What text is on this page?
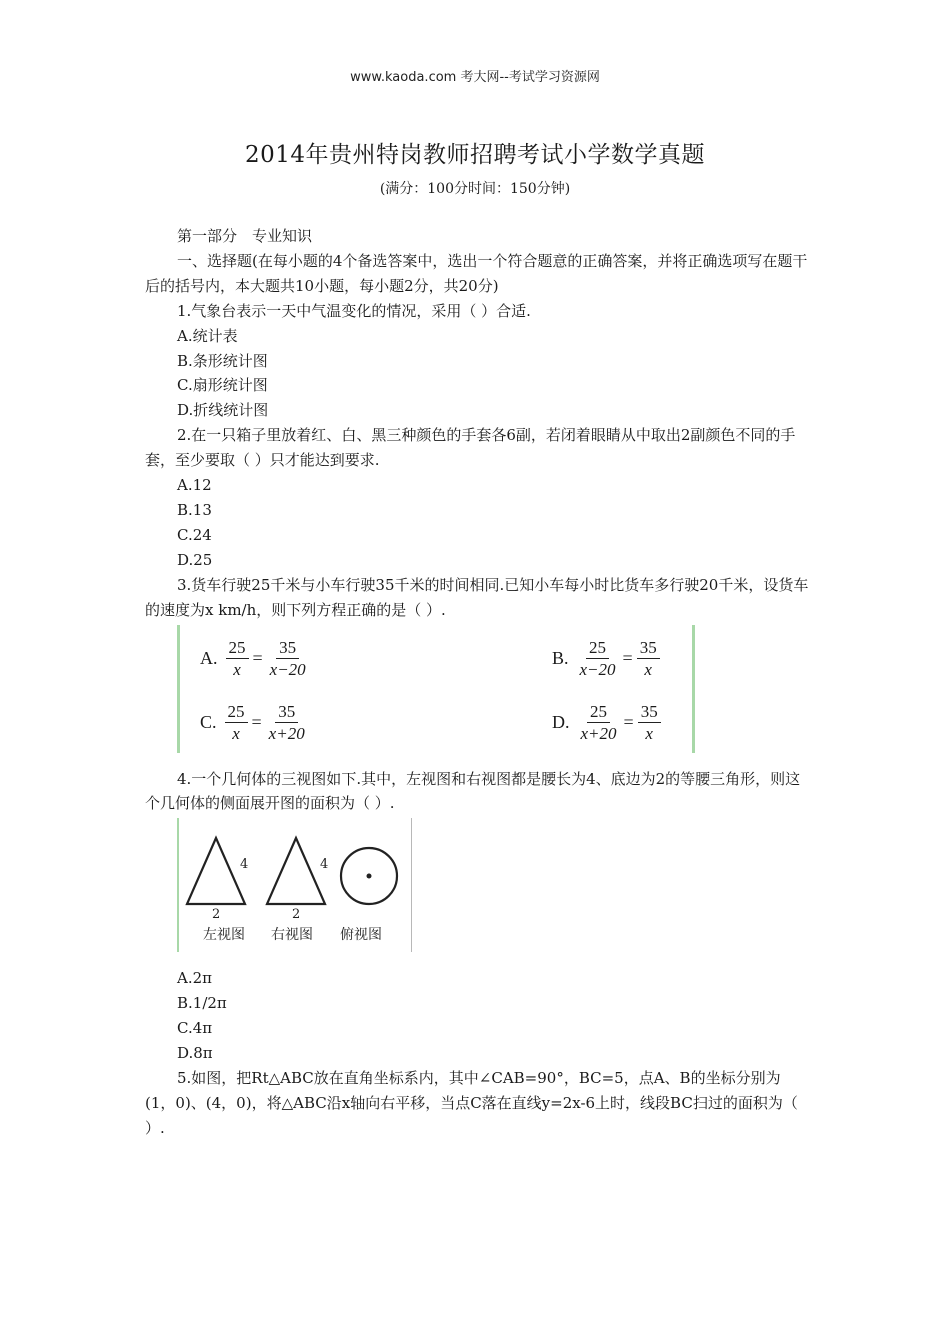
www.kaoda.com 考大网--考试学习资源网
2014年贵州特岗教师招聘考试小学数学真题
(满分：100分时间：150分钟)

第一部分　专业知识

一、选择题(在每小题的4个备选答案中，选出一个符合题意的正确答案，并将正确选项写在题干后的括号内，本大题共10小题，每小题2分，共20分)

1.气象台表示一天中气温变化的情况，采用（ ）合适.

A.统计表

B.条形统计图

C.扇形统计图

D.折线统计图

2.在一只箱子里放着红、白、黑三种颜色的手套各6副，若闭着眼睛从中取出2副颜色不同的手套，至少要取（ ）只才能达到要求.

A.12

B.13

C.24

D.25

3.货车行驶25千米与小车行驶35千米的时间相同.已知小车每小时比货车多行驶20千米，设货车的速度为x km/h，则下列方程正确的是（ ）.

A. $\frac{25}{x} = \frac{35}{x-20}$	B. $\frac{25}{x-20} = \frac{35}{x}$
C. $\frac{25}{x} = \frac{35}{x+20}$	D. $\frac{25}{x+20} = \frac{35}{x}$

4.一个几何体的三视图如下.其中，左视图和右视图都是腰长为4、底边为2的等腰三角形，则这个几何体的侧面展开图的面积为（ ）.

4
2
4
2
左视图 右视图 俯视图

A.2π

B.1/2π

C.4π

D.8π

5.如图，把Rt△ABC放在直角坐标系内，其中∠CAB=90°，BC=5，点A、B的坐标分别为(1，0)、(4，0)，将△ABC沿x轴向右平移，当点C落在直线y=2x-6上时，线段BC扫过的面积为（ ）.
